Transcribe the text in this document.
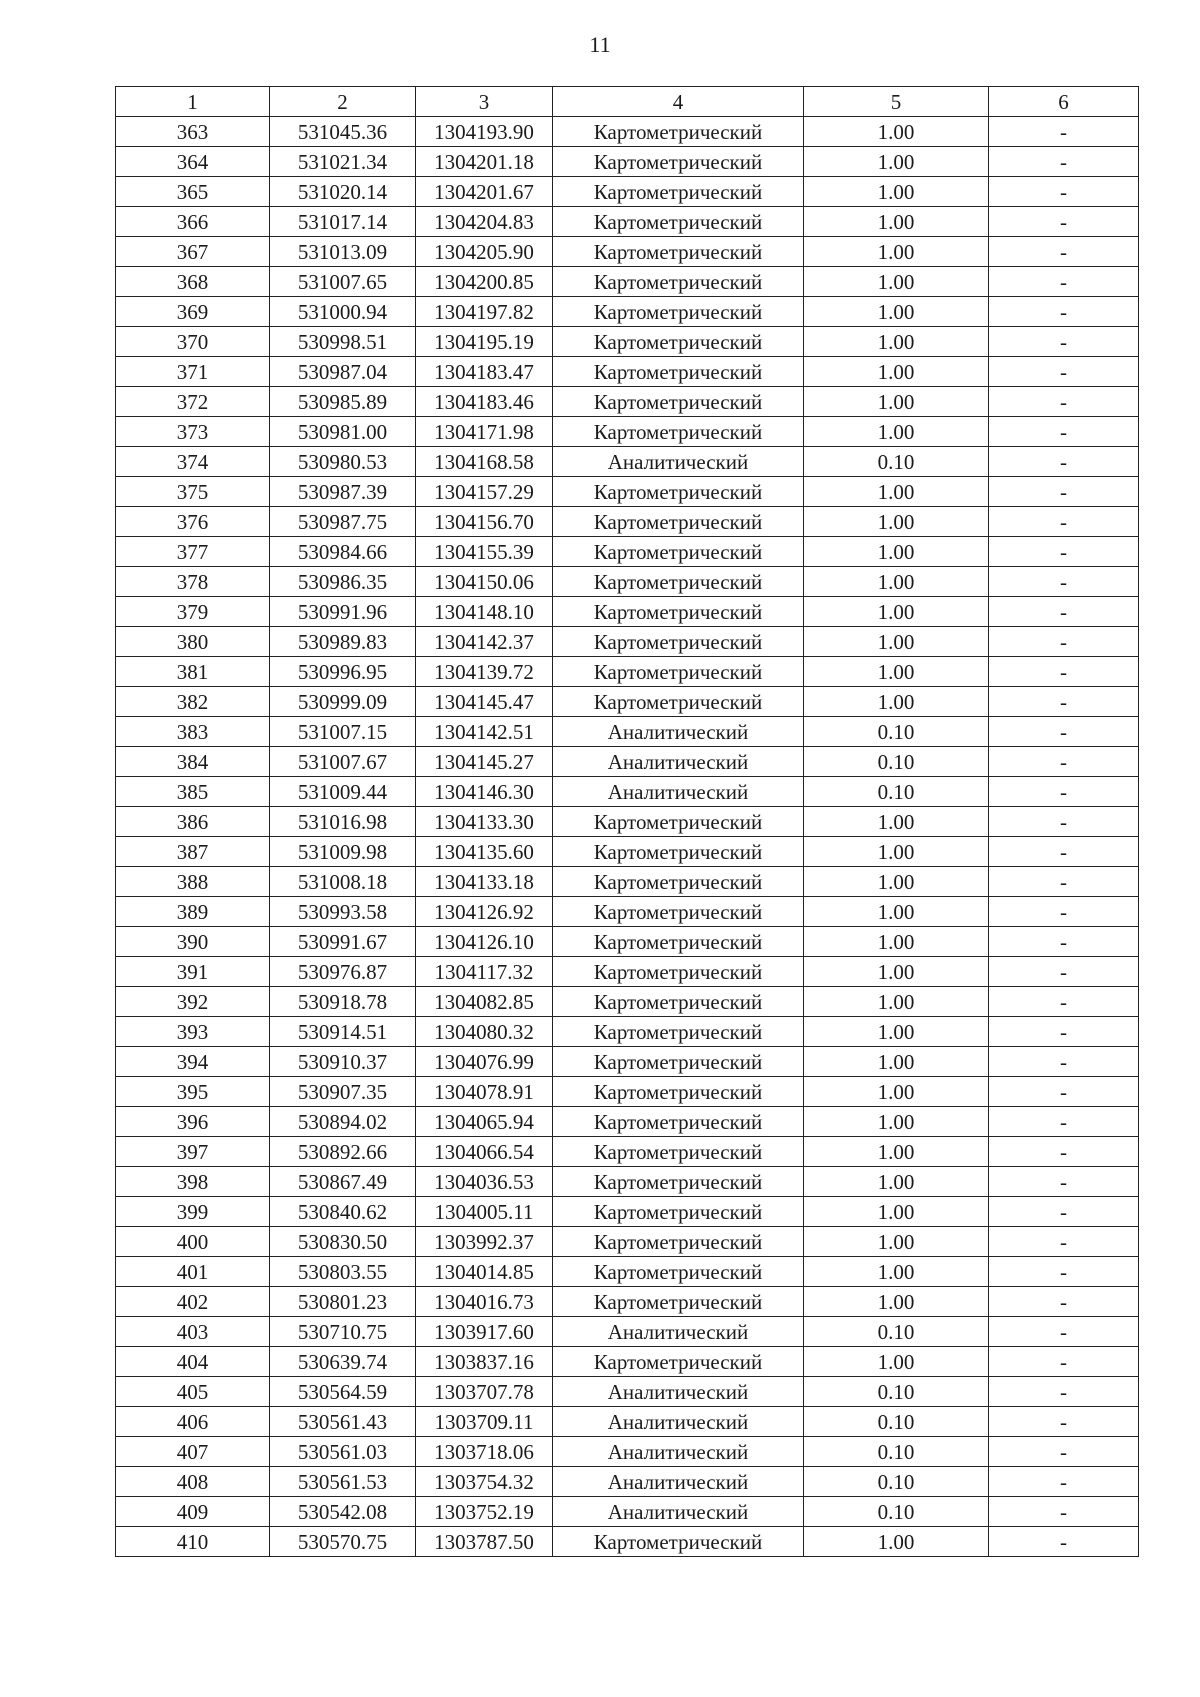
11
1	2	3	4	5	6
363	531045.36	1304193.90	Картометрический	1.00	-
364	531021.34	1304201.18	Картометрический	1.00	-
365	531020.14	1304201.67	Картометрический	1.00	-
366	531017.14	1304204.83	Картометрический	1.00	-
367	531013.09	1304205.90	Картометрический	1.00	-
368	531007.65	1304200.85	Картометрический	1.00	-
369	531000.94	1304197.82	Картометрический	1.00	-
370	530998.51	1304195.19	Картометрический	1.00	-
371	530987.04	1304183.47	Картометрический	1.00	-
372	530985.89	1304183.46	Картометрический	1.00	-
373	530981.00	1304171.98	Картометрический	1.00	-
374	530980.53	1304168.58	Аналитический	0.10	-
375	530987.39	1304157.29	Картометрический	1.00	-
376	530987.75	1304156.70	Картометрический	1.00	-
377	530984.66	1304155.39	Картометрический	1.00	-
378	530986.35	1304150.06	Картометрический	1.00	-
379	530991.96	1304148.10	Картометрический	1.00	-
380	530989.83	1304142.37	Картометрический	1.00	-
381	530996.95	1304139.72	Картометрический	1.00	-
382	530999.09	1304145.47	Картометрический	1.00	-
383	531007.15	1304142.51	Аналитический	0.10	-
384	531007.67	1304145.27	Аналитический	0.10	-
385	531009.44	1304146.30	Аналитический	0.10	-
386	531016.98	1304133.30	Картометрический	1.00	-
387	531009.98	1304135.60	Картометрический	1.00	-
388	531008.18	1304133.18	Картометрический	1.00	-
389	530993.58	1304126.92	Картометрический	1.00	-
390	530991.67	1304126.10	Картометрический	1.00	-
391	530976.87	1304117.32	Картометрический	1.00	-
392	530918.78	1304082.85	Картометрический	1.00	-
393	530914.51	1304080.32	Картометрический	1.00	-
394	530910.37	1304076.99	Картометрический	1.00	-
395	530907.35	1304078.91	Картометрический	1.00	-
396	530894.02	1304065.94	Картометрический	1.00	-
397	530892.66	1304066.54	Картометрический	1.00	-
398	530867.49	1304036.53	Картометрический	1.00	-
399	530840.62	1304005.11	Картометрический	1.00	-
400	530830.50	1303992.37	Картометрический	1.00	-
401	530803.55	1304014.85	Картометрический	1.00	-
402	530801.23	1304016.73	Картометрический	1.00	-
403	530710.75	1303917.60	Аналитический	0.10	-
404	530639.74	1303837.16	Картометрический	1.00	-
405	530564.59	1303707.78	Аналитический	0.10	-
406	530561.43	1303709.11	Аналитический	0.10	-
407	530561.03	1303718.06	Аналитический	0.10	-
408	530561.53	1303754.32	Аналитический	0.10	-
409	530542.08	1303752.19	Аналитический	0.10	-
410	530570.75	1303787.50	Картометрический	1.00	-
